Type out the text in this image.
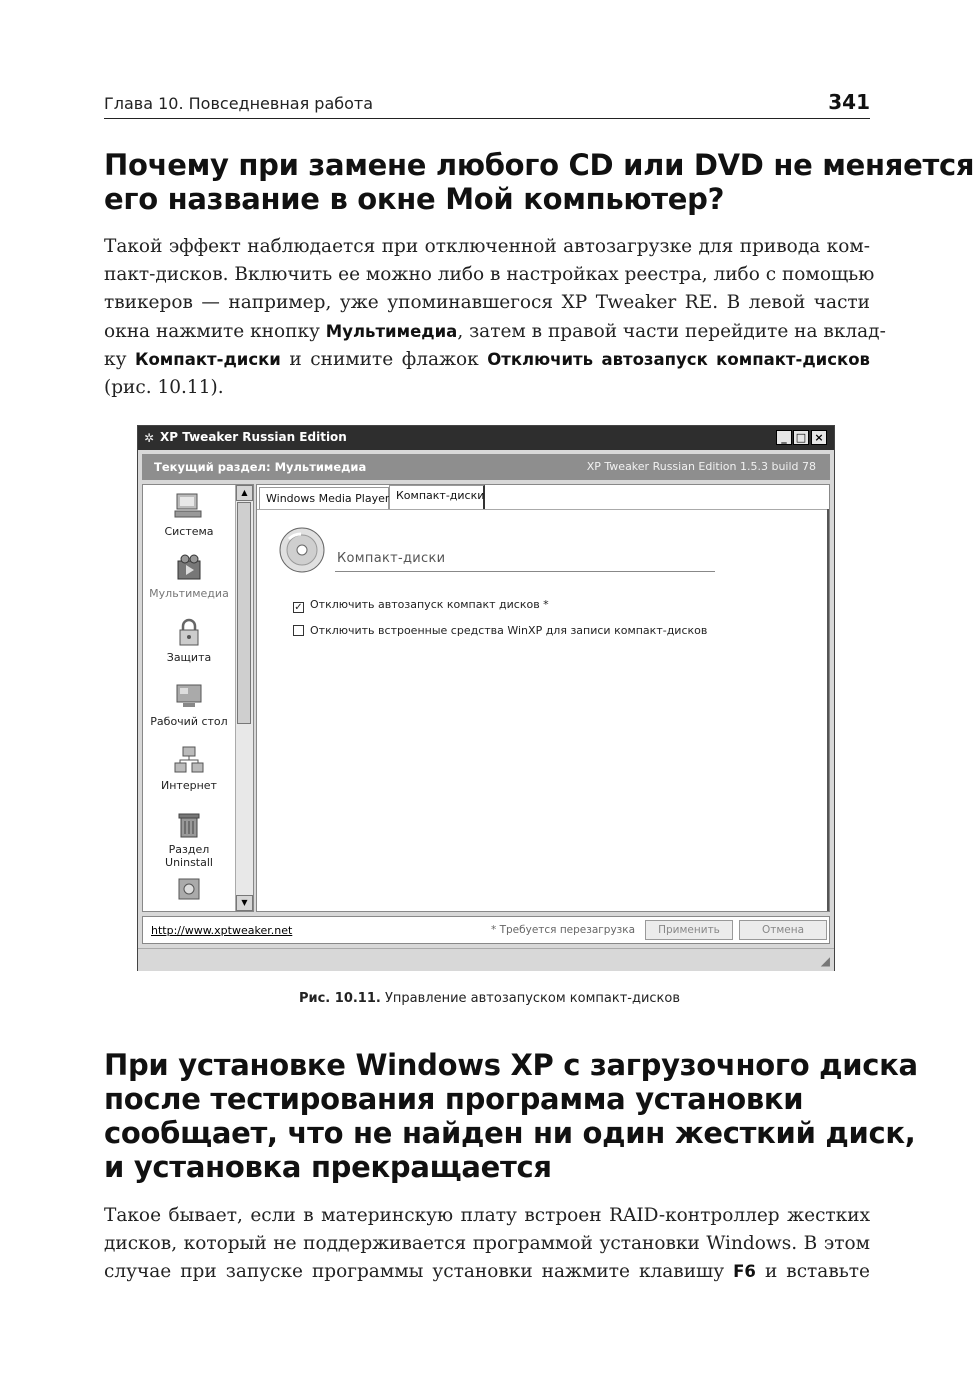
Глава 10. Повседневная работа	341
Почему при замене любого CD или DVD не меняется
его название в окне Мой компьютер?

Такой эффект наблюдается при отключенной автозагрузке для привода ком-
пакт-дисков. Включить ее можно либо в настройках реестра, либо с помощью
твикеров — например, уже упоминавшегося XP Tweaker RE. В левой части
окна нажмите кнопку Мультимедиа, затем в правой части перейдите на вклад-
ку Компакт-диски и снимите флажок Отключить автозапуск компакт-дисков
(рис. 10.11).

При установке Windows XP с загрузочного диска
после тестирования программа установки
сообщает, что не найден ни один жесткий диск,
и установка прекращается

Такое бывает, если в материнскую плату встроен RAID-контроллер жестких
дисков, который не поддерживается программой установки Windows. В этом
случае при запуске программы установки нажмите клавишу F6 и вставьте

✲ XP Tweaker Russian Edition	_ □ ×
Текущий раздел: Мультимедиа	XP Tweaker Russian Edition 1.5.3 build 78
Система
Мультимедиа
Защита
Рабочий стол
Интернет
Раздел Uninstall
▲
▼
Windows Media Player Компакт-диски
Компакт-диски
✓ Отключить автозапуск компакт дисков *
Отключить встроенные средства WinXP для записи компакт-дисков
http://www.xptweaker.net	* Требуется перезагрузка	Применить	Отмена
◢
Рис. 10.11. Управление автозапуском компакт-дисков
